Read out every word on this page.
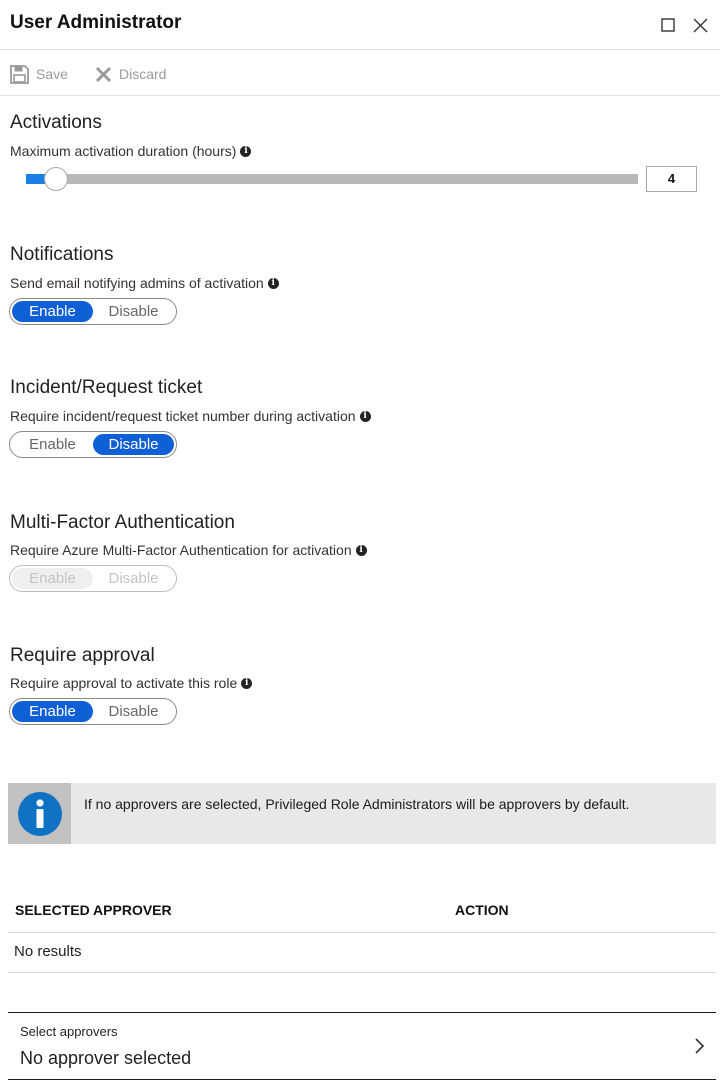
User Administrator
Save	Discard
Activations
Maximum activation duration (hours) i
4
Notifications
Send email notifying admins of activation i
Enable	Disable
Incident/Request ticket
Require incident/request ticket number during activation i
Enable	Disable
Multi-Factor Authentication
Require Azure Multi-Factor Authentication for activation i
Enable	Disable
Require approval
Require approval to activate this role i
Enable	Disable
If no approvers are selected, Privileged Role Administrators will be approvers by default.
SELECTED APPROVER	ACTION
No results
Select approvers
No approver selected
